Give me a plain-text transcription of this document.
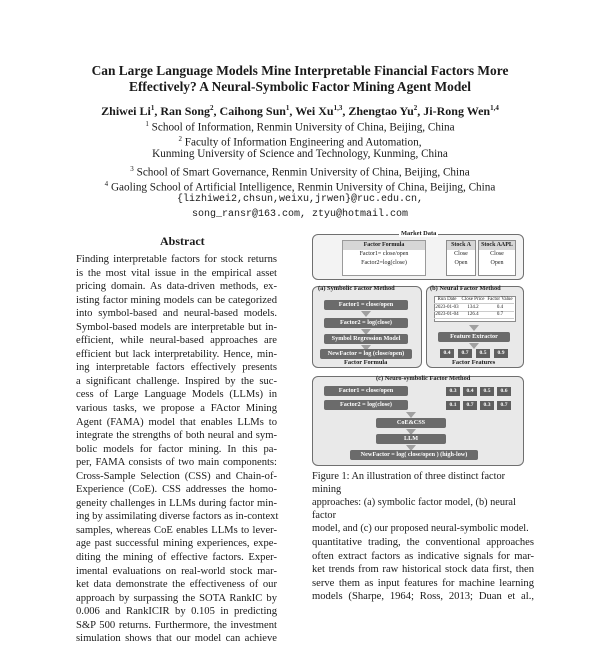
Can Large Language Models Mine Interpretable Financial Factors More
Effectively? A Neural-Symbolic Factor Mining Agent Model
Zhiwei Li$^1$, Ran Song$^2$, Caihong Sun$^1$, Wei Xu$^{1,3}$, Zhengtao Yu$^2$, Ji-Rong Wen$^{1,4}$
$^1$ School of Information, Renmin University of China, Beijing, China
$^2$ Faculty of Information Engineering and Automation,
Kunming University of Science and Technology, Kunming, China
$^3$ School of Smart Governance, Renmin University of China, Beijing, China
$^4$ Gaoling School of Artificial Intelligence, Renmin University of China, Beijing, China
{lizhiwei2,chsun,weixu,jrwen}@ruc.edu.cn,
song_ransr@163.com, ztyu@hotmail.com
Abstract
Finding interpretable factors for stock returns
is the most vital issue in the empirical asset
pricing domain. As data-driven methods, ex-
isting factor mining models can be categorized
into symbol-based and neural-based models.
Symbol-based models are interpretable but in-
efficient, while neural-based approaches are
efficient but lack interpretability. Hence, min-
ing interpretable factors effectively presents
a significant challenge. Inspired by the suc-
cess of Large Language Models (LLMs) in
various tasks, we propose a FActor Mining
Agent (FAMA) model that enables LLMs to
integrate the strengths of both neural and sym-
bolic models for factor mining. In this pa-
per, FAMA consists of two main components:
Cross-Sample Selection (CSS) and Chain-of-
Experience (CoE). CSS addresses the homo-
geneity challenges in LLMs during factor min-
ing by assimilating diverse factors as in-context
samples, whereas CoE enables LLMs to lever-
age past successful mining experiences, expe-
diting the mining of effective factors. Exper-
imental evaluations on real-world stock mar-
ket data demonstrate the effectiveness of our
approach by surpassing the SOTA RankIC by
0.006 and RankICIR by 0.105 in predicting
S&P 500 returns. Furthermore, the investment
simulation shows that our model can achieve
Market Data
Factor Formula
Factor1= close/open
Factor2=log(close)
Stock A
Close
Open
Stock AAPL
Close
Open
(a) Symbolic Factor Method
Factor1 = close/open
Factor2 = log(close)
Symbol Regression Model
NewFactor = log (close/open)
Factor Formula
(b) Neural Factor Method
Run Date	Close Price Factor Value
2023-01-03	134.2	0.4
2023-01-04	126.4	0.7
Feature Extractor
0.4	0.7	0.5	0.9
Factor Features
(c) Neuro-symbolic Factor Method
Factor1 = close/open
Factor2 = log(close)
0.3	0.4	0.5	0.6
0.1	0.7	0.3	0.7
CoE&CSS
LLM
NewFactor = log( close/open ) (high-low)
Figure 1: An illustration of three distinct factor mining
approaches: (a) symbolic factor model, (b) neural factor
model, and (c) our proposed neural-symbolic model.
quantitative trading, the conventional approaches
often extract factors as indicative signals for mar-
ket trends from raw historical stock data first, then
serve them as input features for machine learning
models (Sharpe, 1964; Ross, 2013; Duan et al.,
